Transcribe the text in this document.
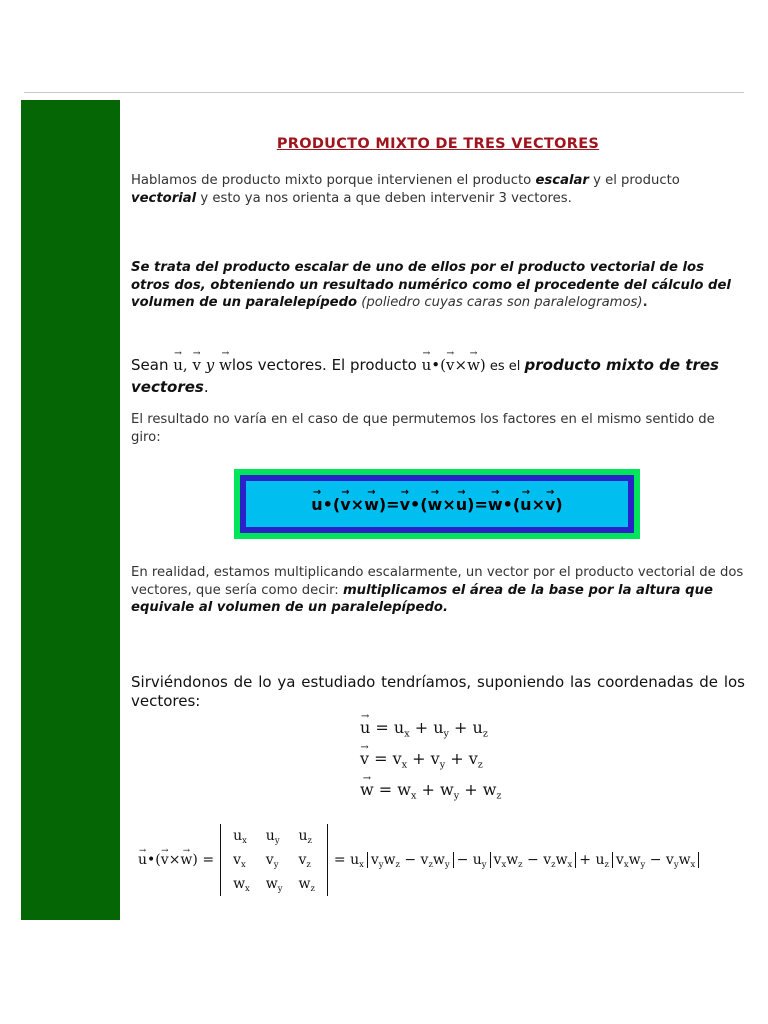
PRODUCTO MIXTO DE TRES VECTORES
Hablamos de producto mixto porque intervienen el producto escalar y el producto vectorial y esto ya nos orienta a que deben intervenir 3 vectores.
Se trata del producto escalar de uno de ellos por el producto vectorial de los otros dos, obteniendo un resultado numérico como el procedente del cálculo del volumen de un paralelepípedo (poliedro cuyas caras son paralelogramos).
Sean → u, → v y → wlos vectores. El producto → u•(→ v×→ w) es el producto mixto de tres vectores.
El resultado no varía en el caso de que permutemos los factores en el mismo sentido de giro:
→ u •( → v × → w )= → v •( → w × → u )= → w •( → u × → v )
En realidad, estamos multiplicando escalarmente, un vector por el producto vectorial de dos vectores, que sería como decir: multiplicamos el área de la base por la altura que equivale al volumen de un paralelepípedo.
Sirviéndonos de lo ya estudiado tendríamos, suponiendo las coordenadas de los vectores:
→ $u = u_x + u_y + u_z$
→ $v = v_x + v_y + v_z$
→ $w = w_x + w_y + w_z$
→ u•(→ v×→ w) =
$u_x$	$u_y$	$u_z$
$v_x$	$v_y$	$v_z$
$w_x$	$w_y$	$w_z$
= $u_x$ $v_yw_z - v_zw_y - u_y$ $v_xw_z - v_zw_x + u_z$ $v_xw_y - v_yw_x$
